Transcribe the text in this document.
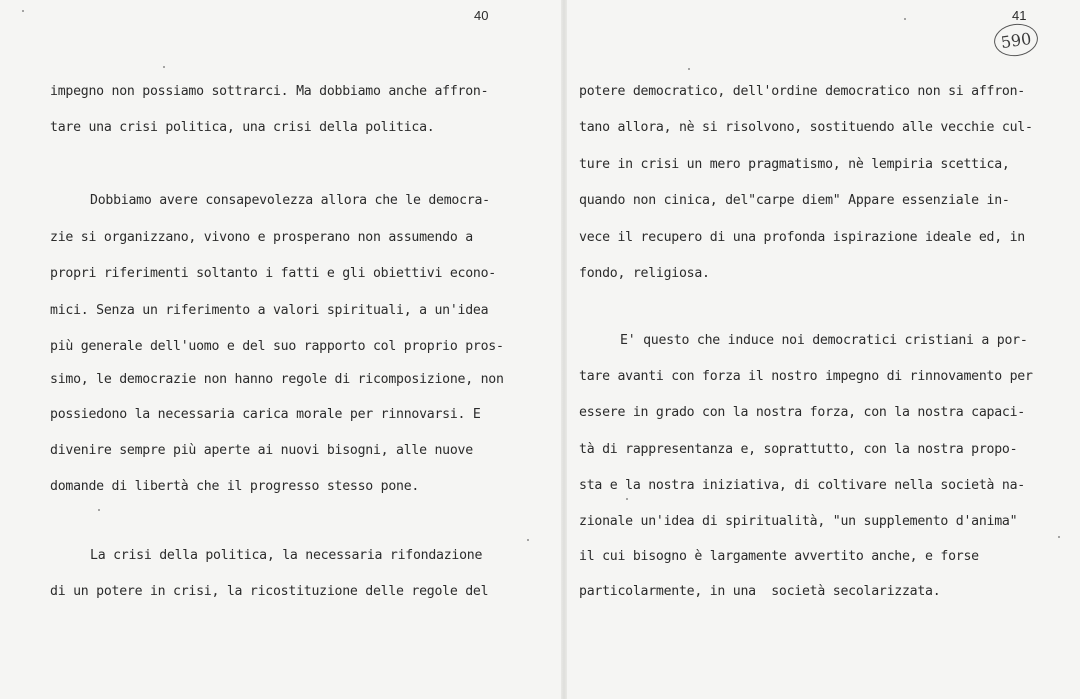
40
impegno non possiamo sottrarci. Ma dobbiamo anche affron-
tare una crisi politica, una crisi della politica.
Dobbiamo avere consapevolezza allora che le democra-
zie si organizzano, vivono e prosperano non assumendo a
propri riferimenti soltanto i fatti e gli obiettivi econo-
mici. Senza un riferimento a valori spirituali, a un'idea
più generale dell'uomo e del suo rapporto col proprio pros-
simo, le democrazie non hanno regole di ricomposizione, non
possiedono la necessaria carica morale per rinnovarsi. E
divenire sempre più aperte ai nuovi bisogni, alle nuove
domande di libertà che il progresso stesso pone.
La crisi della politica, la necessaria rifondazione
di un potere in crisi, la ricostituzione delle regole del
41
590
potere democratico, dell'ordine democratico non si affron-
tano allora, nè si risolvono, sostituendo alle vecchie cul-
ture in crisi un mero pragmatismo, nè lempiria scettica,
quando non cinica, del"carpe diem" Appare essenziale in-
vece il recupero di una profonda ispirazione ideale ed, in
fondo, religiosa.
E' questo che induce noi democratici cristiani a por-
tare avanti con forza il nostro impegno di rinnovamento per
essere in grado con la nostra forza, con la nostra capaci-
tà di rappresentanza e, soprattutto, con la nostra propo-
sta e la nostra iniziativa, di coltivare nella società na-
zionale un'idea di spiritualità, "un supplemento d'anima"
il cui bisogno è largamente avvertito anche, e forse
particolarmente, in una  società secolarizzata.
